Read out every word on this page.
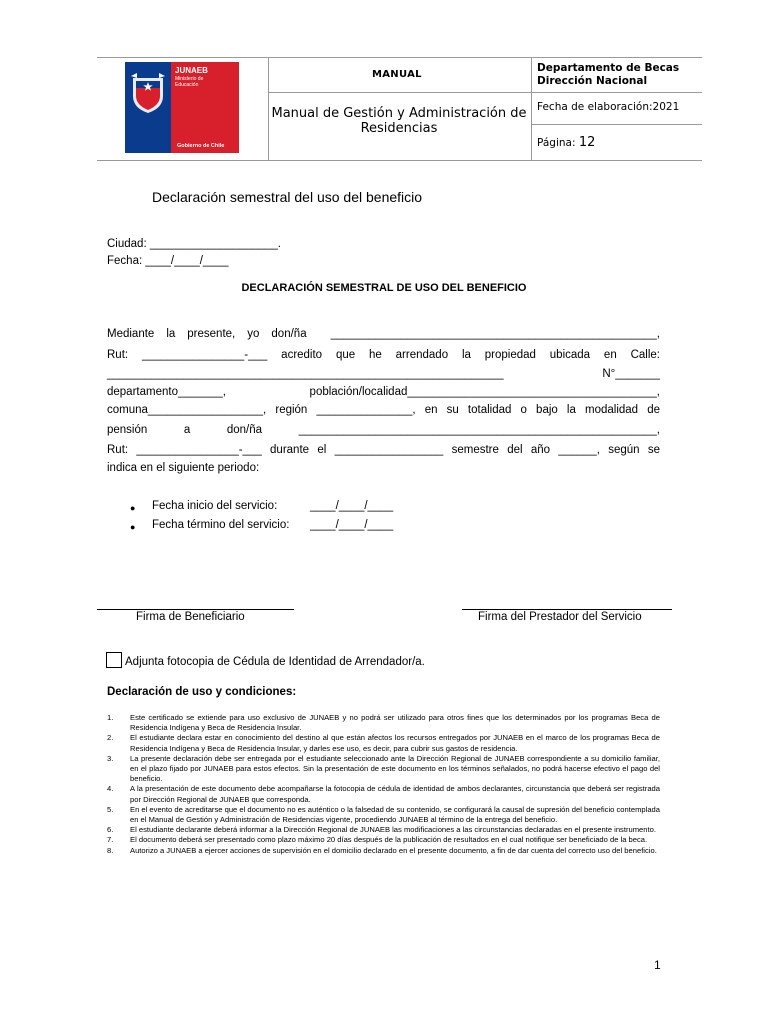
JUNAEB
Ministerio de Educación
Gobierno de Chile
MANUAL
Manual de Gestión y Administración de Residencias
Departamento de Becas
Dirección Nacional
Fecha de elaboración:2021
Página: 12
Declaración semestral del uso del beneficio
Ciudad: ____________________.
Fecha: ____/____/____
DECLARACIÓN SEMESTRAL DE USO DEL BENEFICIO
Mediante la presente, yo don/ña  ___________________________________________________,
Rut:  ________________-___  acredito  que  he  arrendado  la  propiedad  ubicada  en  Calle:
______________________________________________________________   N°_______
departamento_______,       población/localidad_______________________________________,
comuna__________________, región _______________, en su totalidad o bajo la modalidad de
pensión   a   don/ña   ________________________________________________________,
Rut: ________________-___ durante el _________________ semestre del año ______, según se
indica en el siguiente periodo:
● Fecha inicio del servicio:	____/____/____
● Fecha término del servicio: ____/____/____
Firma de Beneficiario	Firma del Prestador del Servicio
Adjunta fotocopia de Cédula de Identidad de Arrendador/a.
Declaración de uso y condiciones:
1.	Este certificado se extiende para uso exclusivo de JUNAEB y no podrá ser utilizado para otros fines que los determinados por los programas Beca de Residencia Indígena y Beca de Residencia Insular.
2.	El estudiante declara estar en conocimiento del destino al que están afectos los recursos entregados por JUNAEB en el marco de los programas Beca de Residencia Indígena y Beca de Residencia Insular, y darles ese uso, es decir, para cubrir sus gastos de residencia.
3.	La presente declaración debe ser entregada por el estudiante seleccionado ante la Dirección Regional de JUNAEB correspondiente a su domicilio familiar, en el plazo fijado por JUNAEB para estos efectos. Sin la presentación de este documento en los términos señalados, no podrá hacerse efectivo el pago del beneficio.
4.	A la presentación de este documento debe acompañarse la fotocopia de cédula de identidad de ambos declarantes, circunstancia que deberá ser registrada por Dirección Regional de JUNAEB que corresponda.
5.	En el evento de acreditarse que el documento no es auténtico o la falsedad de su contenido, se configurará la causal de supresión del beneficio contemplada en el Manual de Gestión y Administración de Residencias vigente, procediendo JUNAEB al término de la entrega del beneficio.
6.	El estudiante declarante deberá informar a la Dirección Regional de JUNAEB las modificaciones a las circunstancias declaradas en el presente instrumento.
7.	El documento deberá ser presentado como plazo máximo 20 días después de la publicación de resultados en el cual notifique ser beneficiado de la beca.
8.	Autorizo a JUNAEB a ejercer acciones de supervisión en el domicilio declarado en el presente documento, a fin de dar cuenta del correcto uso del beneficio.
1
